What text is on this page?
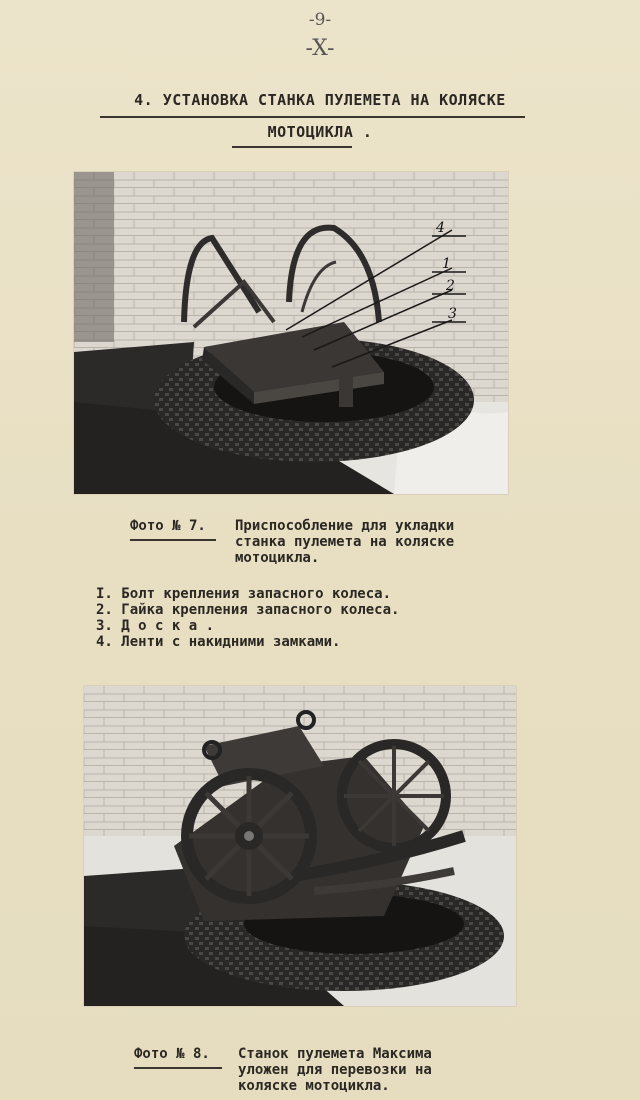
-9-
-X-
4. УСТАНОВКА СТАНКА ПУЛЕМЕТА НА КОЛЯСКЕ
МОТОЦИКЛА .
4
1
2
3
Фото № 7. Приспособление для укладки
станка пулемета на коляске
мотоцикла.
I. Болт крепления запасного колеса.
2. Гайка крепления запасного колеса.
3. Д о с к а .
4. Ленти с накидними замками.
Фото № 8. Станок пулемета Максима
уложен для перевозки на
коляске мотоцикла.
